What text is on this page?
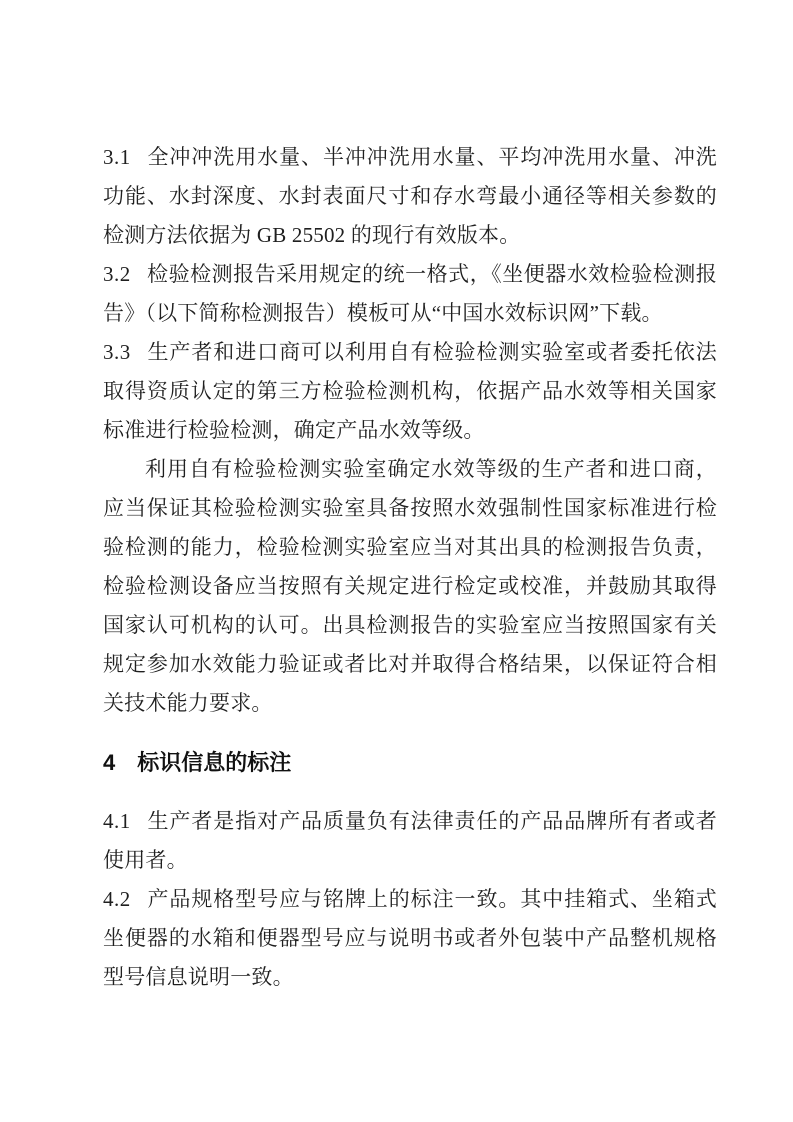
3.1 全冲冲洗用水量、半冲冲洗用水量、平均冲洗用水量、冲洗功能、水封深度、水封表面尺寸和存水弯最小通径等相关参数的检测方法依据为 GB 25502 的现行有效版本。

3.2 检验检测报告采用规定的统一格式，《坐便器水效检验检测报告》（以下简称检测报告）模板可从“中国水效标识网”下载。

3.3 生产者和进口商可以利用自有检验检测实验室或者委托依法取得资质认定的第三方检验检测机构，依据产品水效等相关国家标准进行检验检测，确定产品水效等级。

利用自有检验检测实验室确定水效等级的生产者和进口商，应当保证其检验检测实验室具备按照水效强制性国家标准进行检验检测的能力，检验检测实验室应当对其出具的检测报告负责，检验检测设备应当按照有关规定进行检定或校准，并鼓励其取得国家认可机构的认可。出具检测报告的实验室应当按照国家有关规定参加水效能力验证或者比对并取得合格结果，以保证符合相关技术能力要求。

4 标识信息的标注

4.1 生产者是指对产品质量负有法律责任的产品品牌所有者或者使用者。

4.2 产品规格型号应与铭牌上的标注一致。其中挂箱式、坐箱式坐便器的水箱和便器型号应与说明书或者外包装中产品整机规格型号信息说明一致。
